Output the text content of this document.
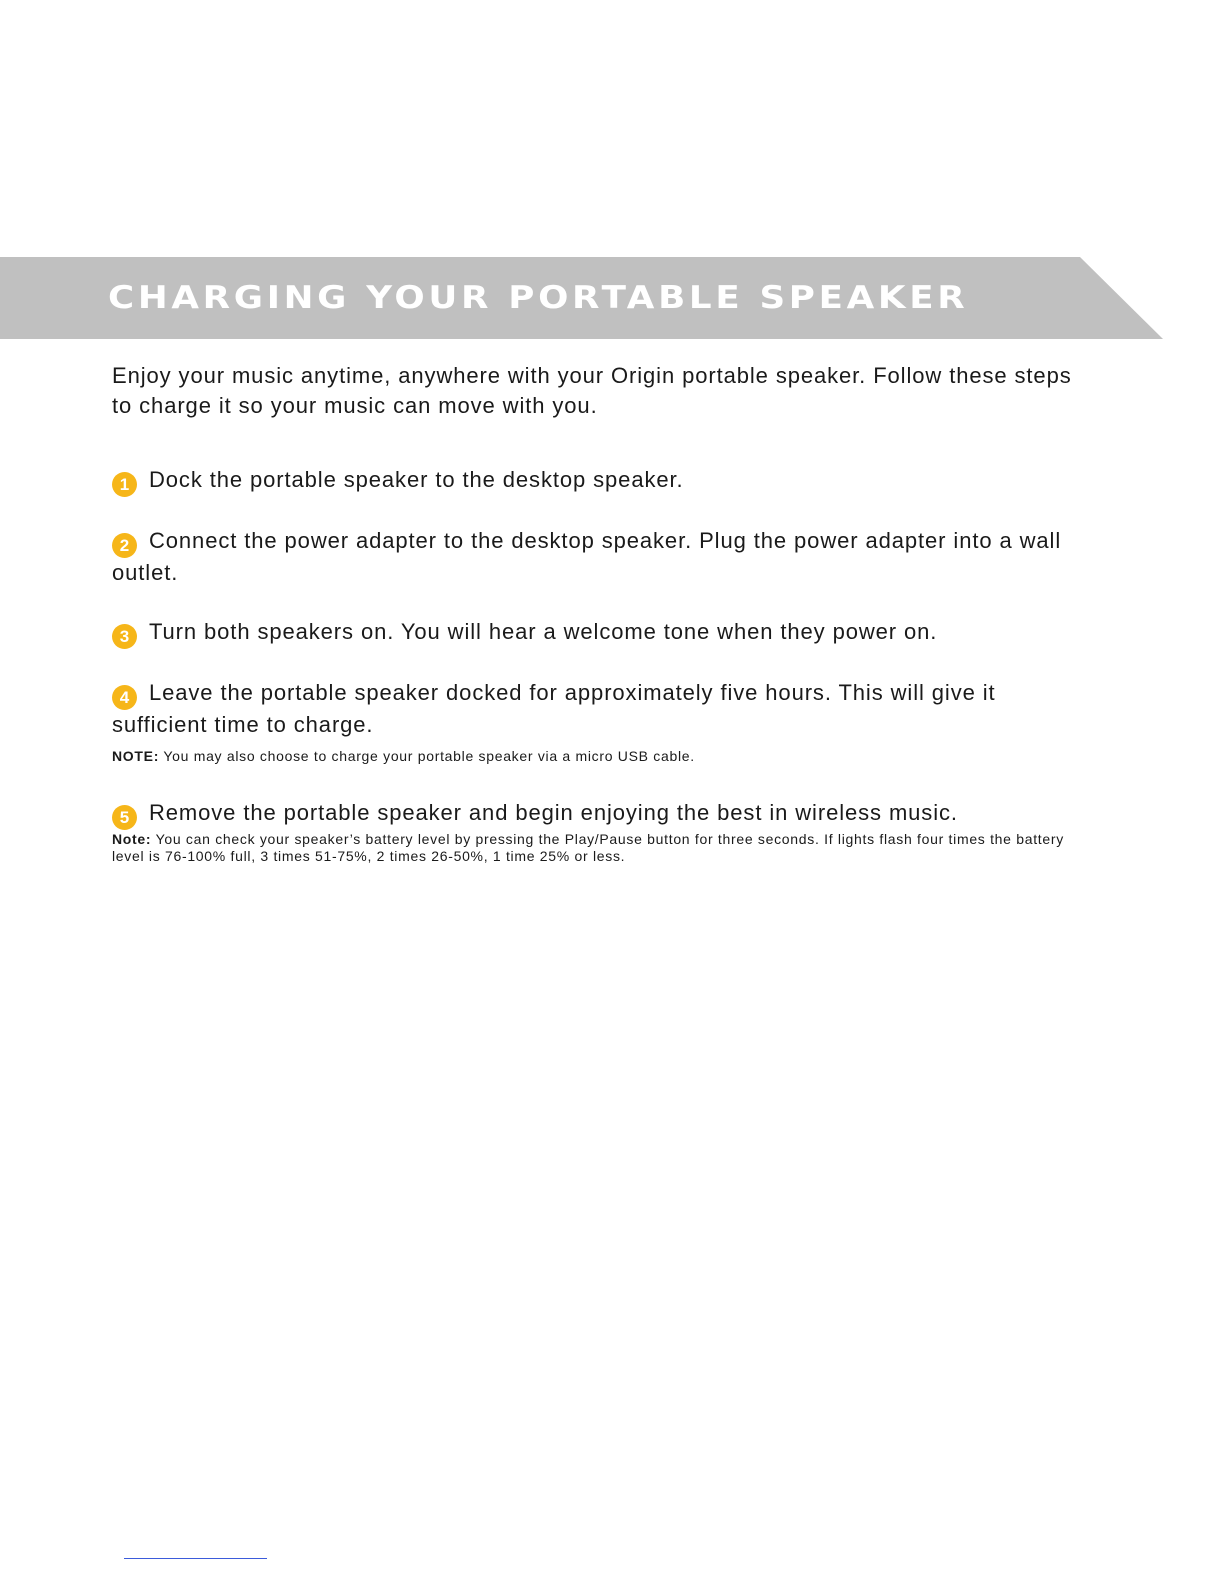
CHARGING YOUR PORTABLE SPEAKER

Enjoy your music anytime, anywhere with your Origin portable speaker. Follow these steps to charge it so your music can move with you.

1 Dock the portable speaker to the desktop speaker.

2 Connect the power adapter to the desktop speaker. Plug the power adapter into a wall outlet.

3 Turn both speakers on. You will hear a welcome tone when they power on.

4 Leave the portable speaker docked for approximately five hours. This will give it sufficient time to charge.

NOTE: You may also choose to charge your portable speaker via a micro USB cable.

5 Remove the portable speaker and begin enjoying the best in wireless music.

Note: You can check your speaker’s battery level by pressing the Play/Pause button for three seconds. If lights flash four times the battery level is 76-100% full, 3 times 51-75%, 2 times 26-50%, 1 time 25% or less.
